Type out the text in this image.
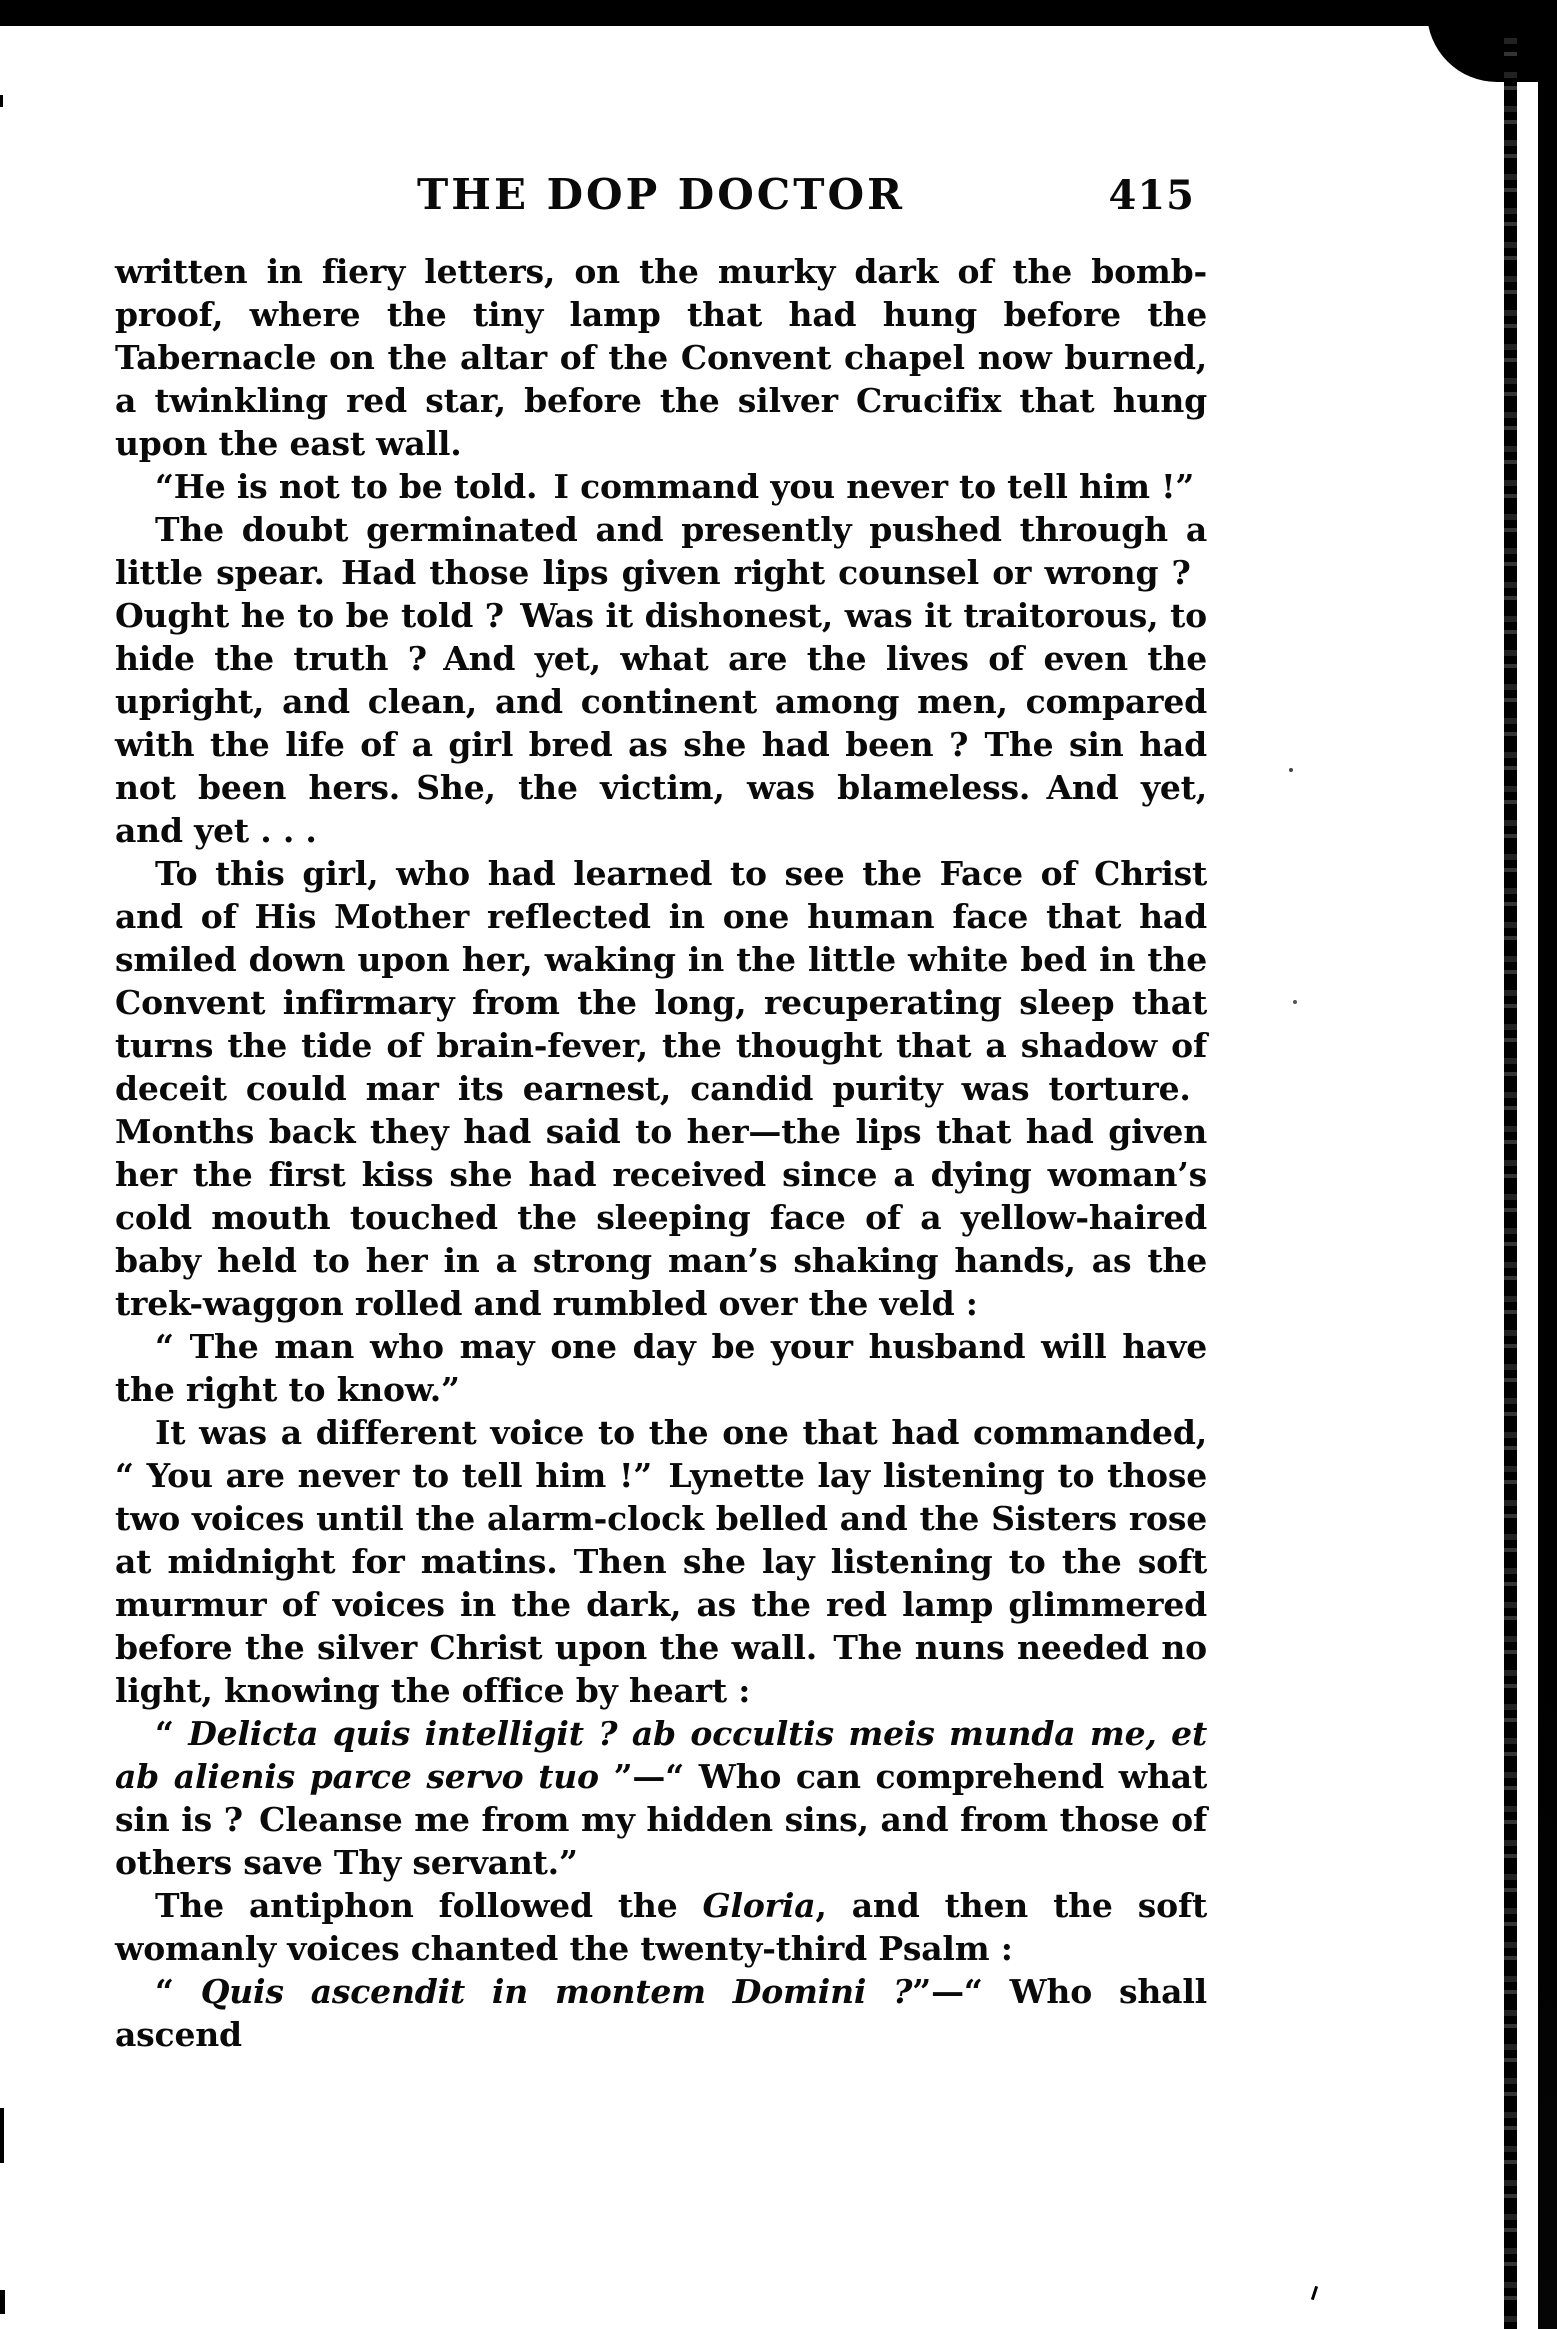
THE DOP DOCTOR	415

written in fiery letters, on the murky dark of the bomb-proof, where the tiny lamp that had hung before the Tabernacle on the altar of the Convent chapel now burned, a twinkling red star, before the silver Crucifix that hung upon the east wall.

“He is not to be told. I command you never to tell him !”

The doubt germinated and presently pushed through a little spear. Had those lips given right counsel or wrong ? Ought he to be told ? Was it dishonest, was it traitorous, to hide the truth ? And yet, what are the lives of even the upright, and clean, and continent among men, compared with the life of a girl bred as she had been ? The sin had not been hers. She, the victim, was blameless. And yet, and yet . . .

To this girl, who had learned to see the Face of Christ and of His Mother reflected in one human face that had smiled down upon her, waking in the little white bed in the Convent infirmary from the long, recuperating sleep that turns the tide of brain-fever, the thought that a shadow of deceit could mar its earnest, candid purity was torture. Months back they had said to her—the lips that had given her the first kiss she had received since a dying woman’s cold mouth touched the sleeping face of a yellow-haired baby held to her in a strong man’s shaking hands, as the trek-waggon rolled and rumbled over the veld :

“ The man who may one day be your husband will have the right to know.”

It was a different voice to the one that had commanded, “ You are never to tell him !” Lynette lay listening to those two voices until the alarm-clock belled and the Sisters rose at midnight for matins. Then she lay listening to the soft murmur of voices in the dark, as the red lamp glimmered before the silver Christ upon the wall. The nuns needed no light, knowing the office by heart :

“ Delicta quis intelligit ? ab occultis meis munda me, et ab alienis parce servo tuo ”—“ Who can comprehend what sin is ? Cleanse me from my hidden sins, and from those of others save Thy servant.”

The antiphon followed the Gloria, and then the soft womanly voices chanted the twenty-third Psalm :

“ Quis ascendit in montem Domini ?”—“ Who shall ascend
